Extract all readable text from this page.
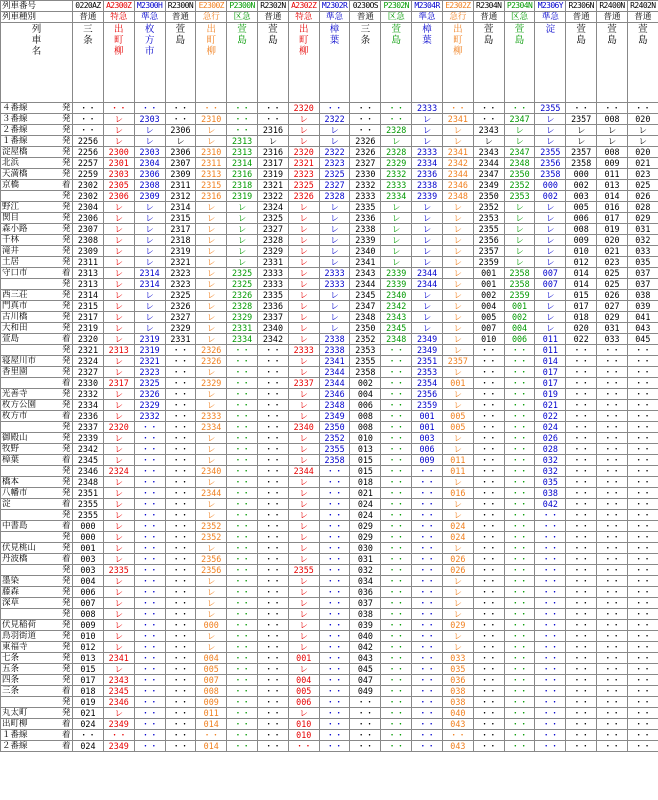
列車番号		0220AZ	A2300Z	M2300H	R2300N	E2300Z	P2300N	R2302N	A2302Z	M2302R	0230OS	P2302N	M2304R	E2302Z	R2304N	P2304N	M2306Y	R2306N	R2400N	R2402N
列車種別		普通	特急	準急	普通	急行	区急	普通	特急	準急	普通	区急	準急	急行	普通	区急	準急	普通	普通	普通
列車名		三条	出町柳	枚方市	萱島	出町柳	萱島	萱島	出町柳	樟葉	三条	萱島	樟葉	出町柳	萱島	萱島	淀	萱島	萱島	萱島
４番線	発	・・	・・	・・	・・	・・	・・	・・	2320	・・	・・	・・	2333	・・	・・	・・	2355	・・	・・	・・
３番線	発	・・	レ	2303	・・	2310	・・	・・	レ	2322	・・	・・	レ	2341	・・	2347	レ	2357	008	020
２番線	発	・・	レ	レ	2306	レ	・・	2316	レ	レ	・・	2328	レ	レ	2343	レ	レ	レ	レ	レ
１番線	発	2256	レ	レ	レ	レ	2313	レ	レ	レ	2326	レ	レ	レ	レ	レ	レ	レ	レ	レ
淀屋橋	発	2256	2300	2303	2306	2310	2313	2316	2320	2322	2326	2328	2333	2341	2343	2347	2355	2357	008	020
北浜	発	2257	2301	2304	2307	2311	2314	2317	2321	2323	2327	2329	2334	2342	2344	2348	2356	2358	009	021
天満橋	発	2259	2303	2306	2309	2313	2316	2319	2323	2325	2330	2332	2336	2344	2347	2350	2358	000	011	023
京橋	着	2302	2305	2308	2311	2315	2318	2321	2325	2327	2332	2333	2338	2346	2349	2352	000	002	013	025
	発	2302	2306	2309	2312	2316	2319	2322	2326	2328	2333	2334	2339	2348	2350	2353	002	003	014	026
野江	発	2304	レ	レ	2314	レ	レ	2324	レ	レ	2335	レ	レ	レ	2352	レ	レ	005	016	028
関目	発	2306	レ	レ	2315	レ	レ	2325	レ	レ	2336	レ	レ	レ	2353	レ	レ	006	017	029
森小路	発	2307	レ	レ	2317	レ	レ	2327	レ	レ	2338	レ	レ	レ	2355	レ	レ	008	019	031
千林	発	2308	レ	レ	2318	レ	レ	2328	レ	レ	2339	レ	レ	レ	2356	レ	レ	009	020	032
滝井	発	2309	レ	レ	2319	レ	レ	2329	レ	レ	2340	レ	レ	レ	2357	レ	レ	010	021	033
土居	発	2311	レ	レ	2321	レ	レ	2331	レ	レ	2341	レ	レ	レ	2359	レ	レ	012	023	035
守口市	着	2313	レ	2314	2323	レ	2325	2333	レ	2333	2343	2339	2344	レ	001	2358	007	014	025	037
	発	2313	レ	2314	2323	レ	2325	2333	レ	2333	2344	2339	2344	レ	001	2358	007	014	025	037
西三荘	発	2314	レ	レ	2325	レ	2326	2335	レ	レ	2345	2340	レ	レ	002	2359	レ	015	026	038
門真市	発	2315	レ	レ	2326	レ	2328	2336	レ	レ	2347	2342	レ	レ	004	001	レ	017	027	039
古川橋	発	2317	レ	レ	2327	レ	2329	2337	レ	レ	2348	2343	レ	レ	005	002	レ	018	029	041
大和田	発	2319	レ	レ	2329	レ	2331	2340	レ	レ	2350	2345	レ	レ	007	004	レ	020	031	043
萱島	着	2320	レ	2319	2331	レ	2334	2342	レ	2338	2352	2348	2349	レ	010	006	011	022	033	045
	発	2321	2313	2319	・・	2326	・・	・・	2333	2338	2353	・・	2349	レ	・・	・・	011	・・	・・	・・
寝屋川市	発	2324	レ	2321	・・	2326	・・	・・	レ	2341	2355	・・	2351	2357	・・	・・	014	・・	・・	・・
香里園	発	2327	レ	2323	・・	レ	・・	・・	レ	2344	2358	・・	2353	レ	・・	・・	017	・・	・・	・・
	着	2330	2317	2325	・・	2329	・・	・・	2337	2344	002	・・	2354	001	・・	・・	017	・・	・・	・・
光善寺	発	2332	レ	2326	・・	レ	・・	・・	レ	2346	004	・・	2356	レ	・・	・・	019	・・	・・	・・
枚方公園	発	2334	レ	2329	・・	レ	・・	・・	レ	2348	006	・・	2359	レ	・・	・・	021	・・	・・	・・
枚方市	着	2336	レ	2332	・・	2333	・・	・・	レ	2349	008	・・	001	005	・・	・・	022	・・	・・	・・
	発	2337	2320	・・	・・	2334	・・	・・	2340	2350	008	・・	001	005	・・	・・	024	・・	・・	・・
御殿山	発	2339	レ	・・	・・	レ	・・	・・	レ	2352	010	・・	003	レ	・・	・・	026	・・	・・	・・
牧野	発	2342	レ	・・	・・	レ	・・	・・	レ	2355	013	・・	006	レ	・・	・・	028	・・	・・	・・
樟葉	着	2345	レ	・・	・・	レ	・・	・・	レ	2358	015	・・	009	011	・・	・・	032	・・	・・	・・
	発	2346	2324	・・	・・	2340	・・	・・	2344	・・	015	・・	・・	011	・・	・・	032	・・	・・	・・
橋本	発	2348	レ	・・	・・	レ	・・	・・	レ	・・	018	・・	・・	レ	・・	・・	035	・・	・・	・・
八幡市	発	2351	レ	・・	・・	2344	・・	・・	レ	・・	021	・・	・・	016	・・	・・	038	・・	・・	・・
淀	着	2355	レ	・・	・・	レ	・・	・・	レ	・・	024	・・	・・	レ	・・	・・	042	・・	・・	・・
	発	2355	レ	・・	・・	レ	・・	・・	レ	・・	024	・・	・・	レ	・・	・・	・・	・・	・・	・・
中書島	着	000	レ	・・	・・	2352	・・	・・	レ	・・	029	・・	・・	024	・・	・・	・・	・・	・・	・・
	発	000	レ	・・	・・	2352	・・	・・	レ	・・	029	・・	・・	024	・・	・・	・・	・・	・・	・・
伏見桃山	発	001	レ	・・	・・	レ	・・	・・	レ	・・	030	・・	・・	レ	・・	・・	・・	・・	・・	・・
丹波橋	着	003	レ	・・	・・	2356	・・	・・	レ	・・	031	・・	・・	026	・・	・・	・・	・・	・・	・・
	発	003	2335	・・	・・	2356	・・	・・	2355	・・	032	・・	・・	026	・・	・・	・・	・・	・・	・・
墨染	発	004	レ	・・	・・	レ	・・	・・	レ	・・	034	・・	・・	レ	・・	・・	・・	・・	・・	・・
藤森	発	006	レ	・・	・・	レ	・・	・・	レ	・・	036	・・	・・	レ	・・	・・	・・	・・	・・	・・
深草	発	007	レ	・・	・・	レ	・・	・・	レ	・・	037	・・	・・	レ	・・	・・	・・	・・	・・	・・
	発	008	レ	・・	・・	レ	・・	・・	レ	・・	038	・・	・・	レ	・・	・・	・・	・・	・・	・・
伏見稲荷	発	009	レ	・・	・・	000	・・	・・	レ	・・	039	・・	・・	029	・・	・・	・・	・・	・・	・・
鳥羽街道	発	010	レ	・・	・・	レ	・・	・・	レ	・・	040	・・	・・	レ	・・	・・	・・	・・	・・	・・
東福寺	発	012	レ	・・	・・	レ	・・	・・	レ	・・	042	・・	・・	レ	・・	・・	・・	・・	・・	・・
七条	発	013	2341	・・	・・	004	・・	・・	001	・・	043	・・	・・	033	・・	・・	・・	・・	・・	・・
五条	発	015	レ	・・	・・	005	・・	・・	レ	・・	045	・・	・・	035	・・	・・	・・	・・	・・	・・
四条	発	017	2343	・・	・・	007	・・	・・	004	・・	047	・・	・・	036	・・	・・	・・	・・	・・	・・
三条	着	018	2345	・・	・・	008	・・	・・	005	・・	049	・・	・・	038	・・	・・	・・	・・	・・	・・
	発	019	2346	・・	・・	009	・・	・・	006	・・	・・	・・	・・	038	・・	・・	・・	・・	・・	・・
丸太町	発	021	レ	・・	・・	011	・・	・・	レ	・・	・・	・・	・・	040	・・	・・	・・	・・	・・	・・
出町柳	着	024	2349	・・	・・	014	・・	・・	010	・・	・・	・・	・・	043	・・	・・	・・	・・	・・	・・
１番線	着	・・	・・	・・	・・	・・	・・	・・	010	・・	・・	・・	・・	・・	・・	・・	・・	・・	・・	・・
２番線	着	024	2349	・・	・・	014	・・	・・	・・	・・	・・	・・	・・	043	・・	・・	・・	・・	・・	・・
